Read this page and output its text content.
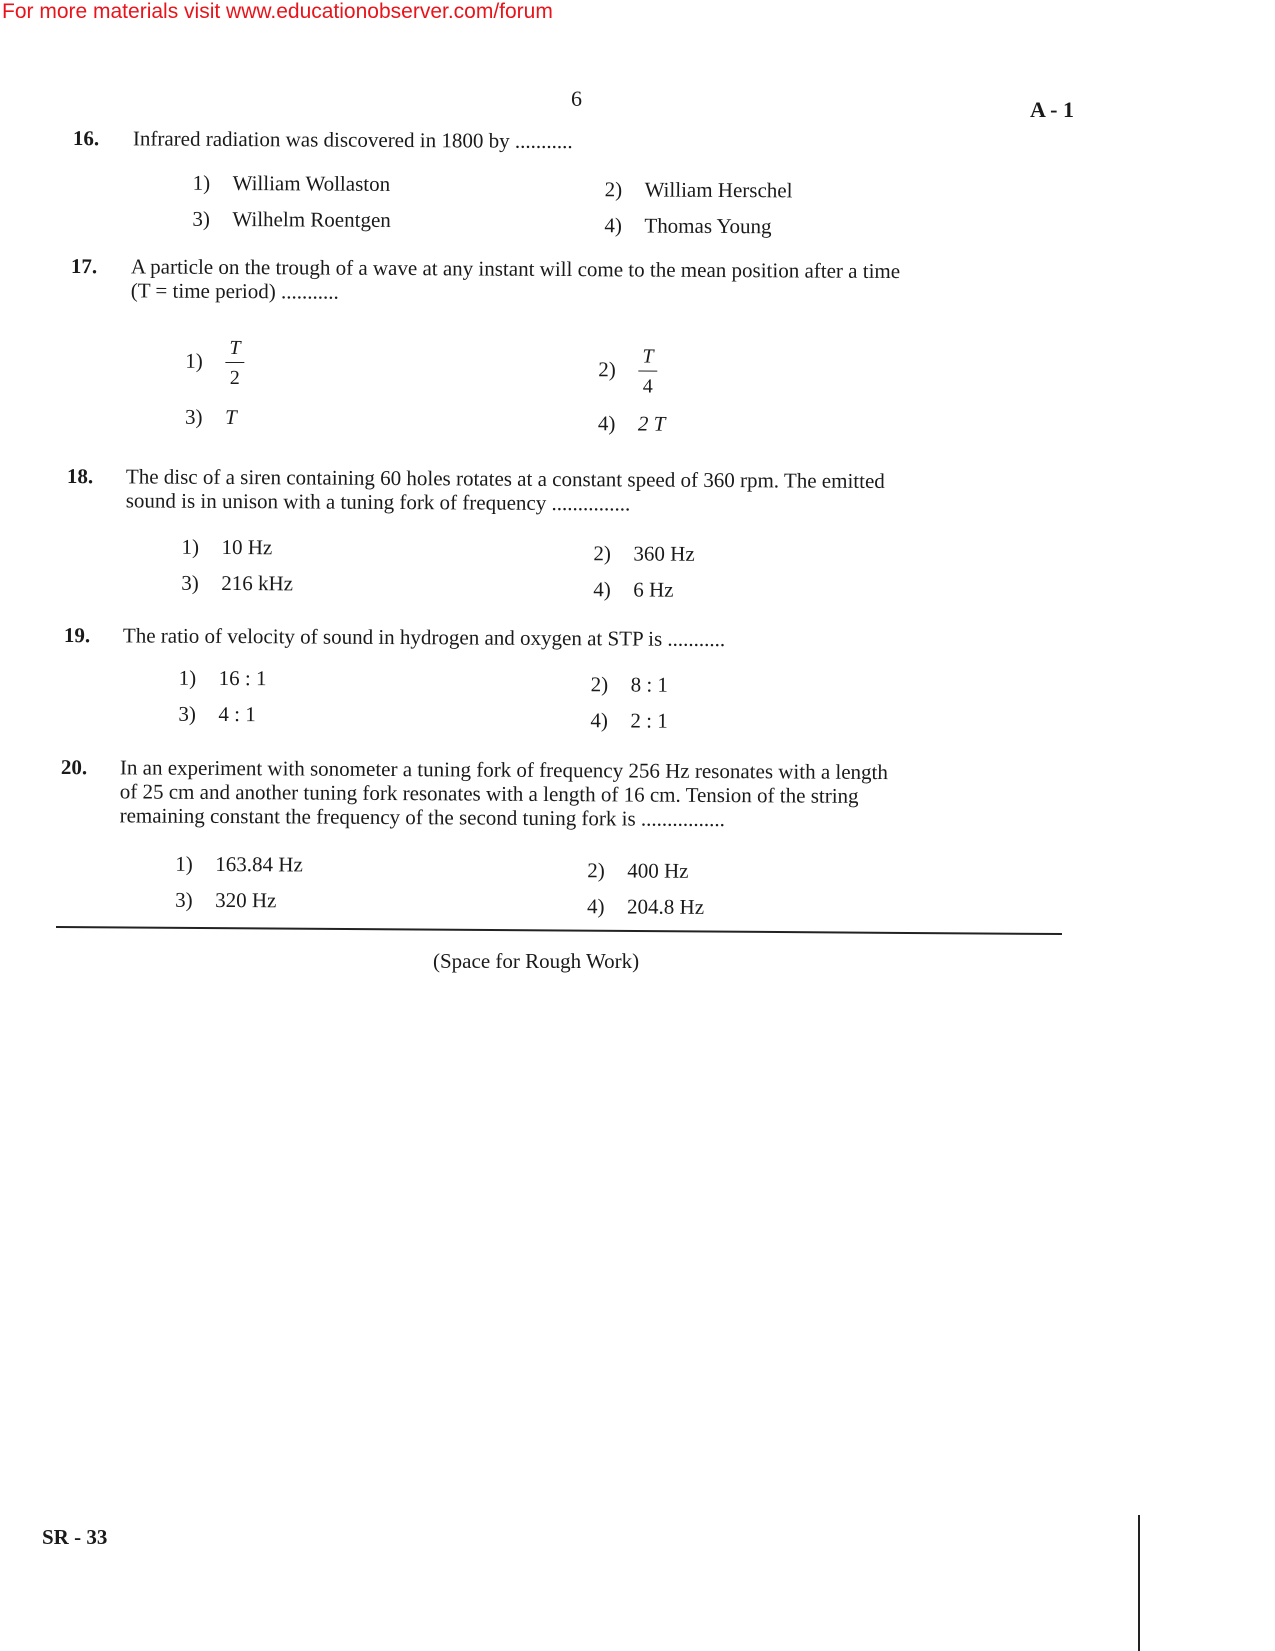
For more materials visit www.educationobserver.com/forum
6	A - 1
16. Infrared radiation was discovered in 1800 by ...........
1) William Wollaston	2) William Herschel
3) Wilhelm Roentgen	4) Thomas Young
17. A particle on the trough of a wave at any instant will come to the mean position after a time
(T = time period) ...........
$1) \frac{T}{2}$	$2) \frac{T}{4}$
3) T	4) 2 T
18. The disc of a siren containing 60 holes rotates at a constant speed of 360 rpm. The emitted
sound is in unison with a tuning fork of frequency ...............
1) 10 Hz	2) 360 Hz
3) 216 kHz	4) 6 Hz
19. The ratio of velocity of sound in hydrogen and oxygen at STP is ...........
1) 16 : 1	2) 8 : 1
3) 4 : 1	4) 2 : 1
20. In an experiment with sonometer a tuning fork of frequency 256 Hz resonates with a length
of 25 cm and another tuning fork resonates with a length of 16 cm. Tension of the string
remaining constant the frequency of the second tuning fork is ................
1) 163.84 Hz	2) 400 Hz
3) 320 Hz	4) 204.8 Hz
(Space for Rough Work)
SR - 33
